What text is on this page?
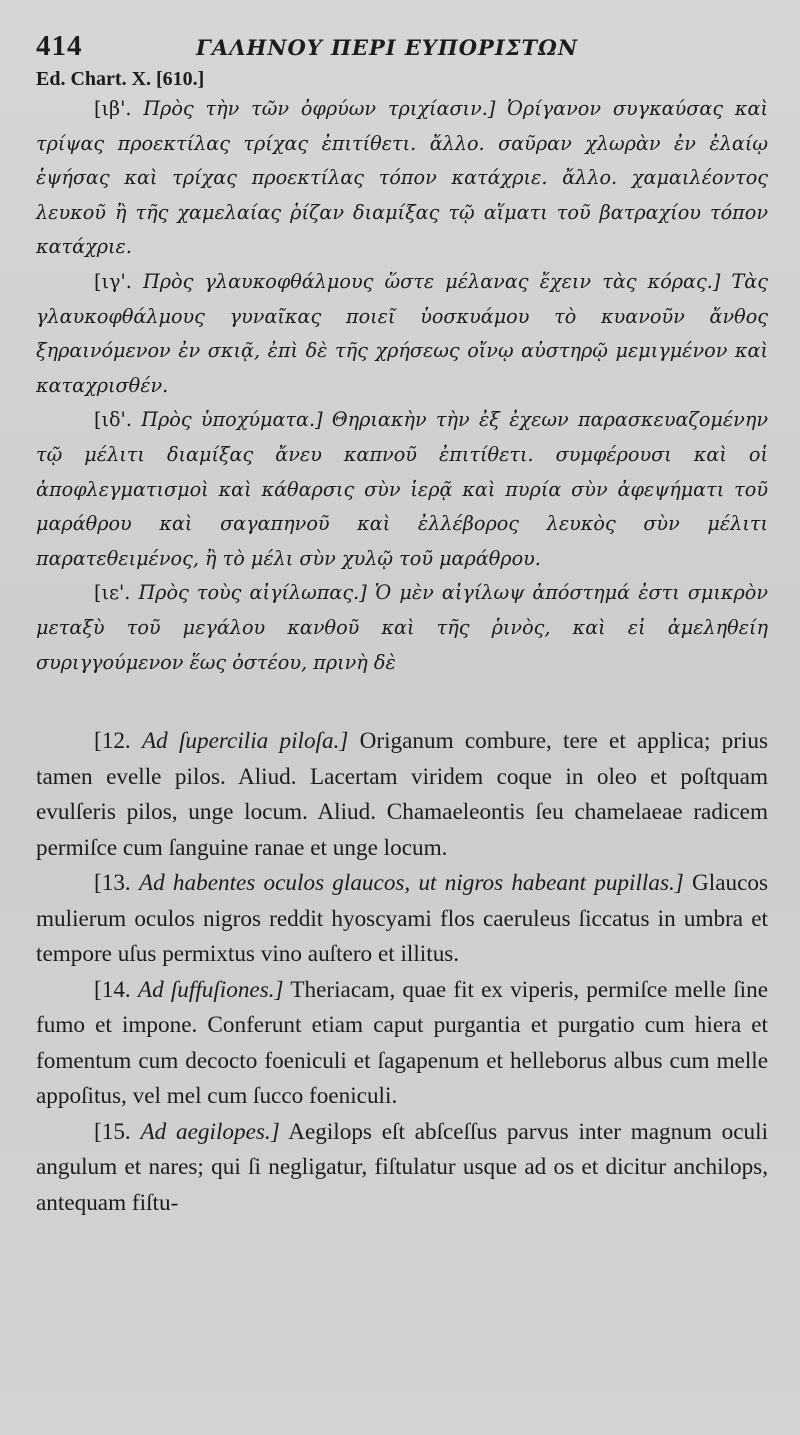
414	ΓΑΛΗΝΟΥ ΠΕΡΙ ΕΥΠΟΡΙΣΤΩΝ
Ed. Chart. X. [610.]

[ιβ'. Πρὸς τὴν τῶν ὀφρύων τριχίασιν.] Ὀρίγανον συγκαύσας καὶ τρίψας προεκτίλας τρίχας ἐπιτίθετι. ἄλλο. σαῦραν χλωρὰν ἐν ἐλαίῳ ἑψήσας καὶ τρίχας προεκτίλας τόπον κατάχριε. ἄλλο. χαμαιλέοντος λευκοῦ ἢ τῆς χαμελαίας ῥίζαν διαμίξας τῷ αἵματι τοῦ βατραχίου τόπον κατάχριε.

[ιγ'. Πρὸς γλαυκοφθάλμους ὥστε μέλανας ἔχειν τὰς κόρας.] Τὰς γλαυκοφθάλμους γυναῖκας ποιεῖ ὑοσκυάμου τὸ κυανοῦν ἄνθος ξηραινόμενον ἐν σκιᾷ, ἐπὶ δὲ τῆς χρήσεως οἴνῳ αὐστηρῷ μεμιγμένον καὶ καταχρισθέν.

[ιδ'. Πρὸς ὑποχύματα.] Θηριακὴν τὴν ἐξ ἐχεων παρασκευαζομένην τῷ μέλιτι διαμίξας ἄνευ καπνοῦ ἐπιτίθετι. συμφέρουσι καὶ οἱ ἀποφλεγματισμοὶ καὶ κάθαρσις σὺν ἱερᾷ καὶ πυρία σὺν ἀφεψήματι τοῦ μαράθρου καὶ σαγαπηνοῦ καὶ ἐλλέβορος λευκὸς σὺν μέλιτι παρατεθειμένος, ἢ τὸ μέλι σὺν χυλῷ τοῦ μαράθρου.

[ιε'. Πρὸς τοὺς αἰγίλωπας.] Ὁ μὲν αἰγίλωψ ἀπόστημά ἐστι σμικρὸν μεταξὺ τοῦ μεγάλου κανθοῦ καὶ τῆς ῥινὸς, καὶ εἰ ἀμεληθείη συριγγούμενον ἕως ὀστέου, πρινὴ δὲ

[12. Ad ſupercilia piloſa.] Origanum combure, tere et applica; prius tamen evelle pilos. Aliud. Lacertam viridem coque in oleo et poſtquam evulſeris pilos, unge locum. Aliud. Chamaeleontis ſeu chamelaeae radicem permiſce cum ſanguine ranae et unge locum.

[13. Ad habentes oculos glaucos, ut nigros habeant pupillas.] Glaucos mulierum oculos nigros reddit hyoscyami flos caeruleus ſiccatus in umbra et tempore uſus permixtus vino auſtero et illitus.

[14. Ad ſuffuſiones.] Theriacam, quae fit ex viperis, permiſce melle ſine fumo et impone. Conferunt etiam caput purgantia et purgatio cum hiera et fomentum cum decocto foeniculi et ſagapenum et helleborus albus cum melle appoſitus, vel mel cum ſucco foeniculi.

[15. Ad aegilopes.] Aegilops eſt abſceſſus parvus inter magnum oculi angulum et nares; qui ſi negligatur, fiſtulatur usque ad os et dicitur anchilops, antequam fiſtu-
